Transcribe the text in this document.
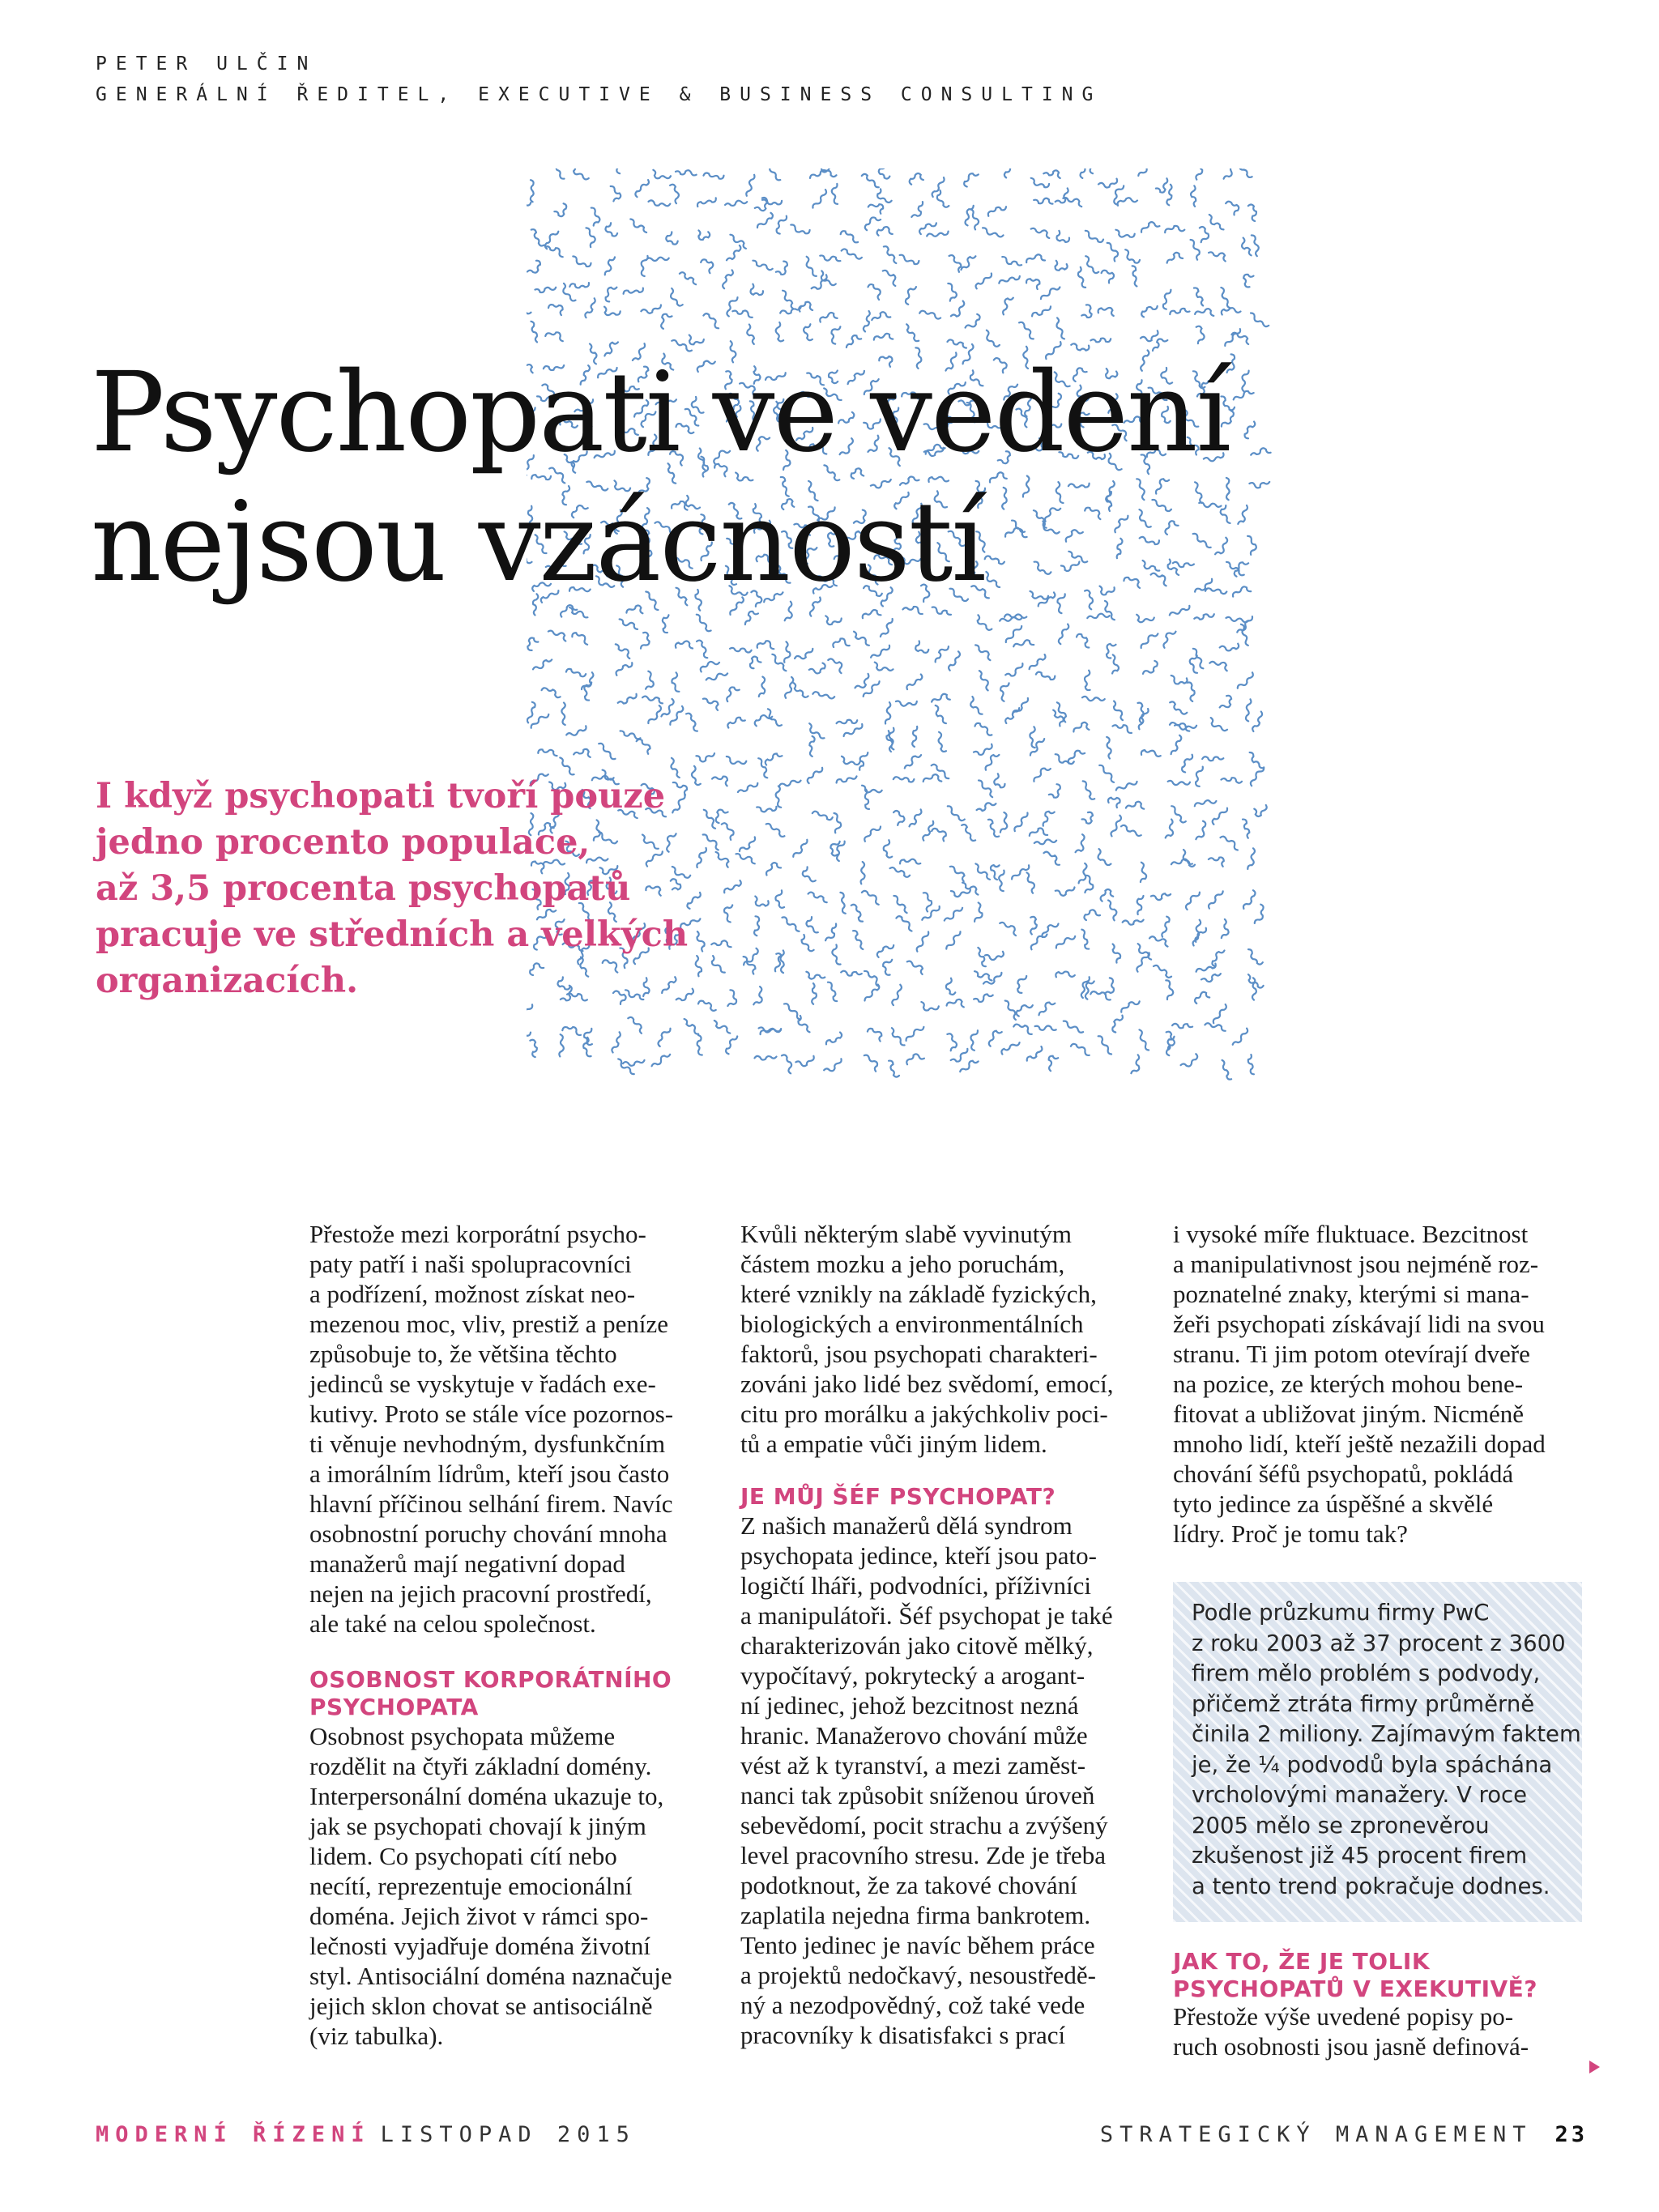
PETER ULČIN
GENERÁLNÍ ŘEDITEL, EXECUTIVE & BUSINESS CONSULTING
Psychopati ve vedení
nejsou vzácností

I když psychopati tvoří pouze
jedno procento populace,
až 3,5 procenta psychopatů
pracuje ve středních a velkých
organizacích.

Přestože mezi korporátní psycho-
paty patří i naši spolupracovníci
a podřízení, možnost získat neo-
mezenou moc, vliv, prestiž a peníze
způsobuje to, že většina těchto
jedinců se vyskytuje v řadách exe-
kutivy. Proto se stále více pozornos-
ti věnuje nevhodným, dysfunkčním
a imorálním lídrům, kteří jsou často
hlavní příčinou selhání firem. Navíc
osobnostní poruchy chování mnoha
manažerů mají negativní dopad
nejen na jejich pracovní prostředí,
ale také na celou společnost.
OSOBNOST KORPORÁTNÍHO
PSYCHOPATA
Osobnost psychopata můžeme
rozdělit na čtyři základní domény.
Interpersonální doména ukazuje to,
jak se psychopati chovají k jiným
lidem. Co psychopati cítí nebo
necítí, reprezentuje emocionální
doména. Jejich život v rámci spo-
lečnosti vyjadřuje doména životní
styl. Antisociální doména naznačuje
jejich sklon chovat se antisociálně
(viz tabulka).
Kvůli některým slabě vyvinutým
částem mozku a jeho poruchám,
které vznikly na základě fyzických,
biologických a environmentálních
faktorů, jsou psychopati charakteri-
zováni jako lidé bez svědomí, emocí,
citu pro morálku a jakýchkoliv poci-
tů a empatie vůči jiným lidem.
JE MŮJ ŠÉF PSYCHOPAT?
Z našich manažerů dělá syndrom
psychopata jedince, kteří jsou pato-
logičtí lháři, podvodníci, příživníci
a manipulátoři. Šéf psychopat je také
charakterizován jako citově mělký,
vypočítavý, pokrytecký a arogant-
ní jedinec, jehož bezcitnost nezná
hranic. Manažerovo chování může
vést až k tyranství, a mezi zaměst-
nanci tak způsobit sníženou úroveň
sebevědomí, pocit strachu a zvýšený
level pracovního stresu. Zde je třeba
podotknout, že za takové chování
zaplatila nejedna firma bankrotem.
Tento jedinec je navíc během práce
a projektů nedočkavý, nesoustředě-
ný a nezodpovědný, což také vede
pracovníky k disatisfakci s prací
i vysoké míře fluktuace. Bezcitnost
a manipulativnost jsou nejméně roz-
poznatelné znaky, kterými si mana-
žeři psychopati získávají lidi na svou
stranu. Ti jim potom otevírají dveře
na pozice, ze kterých mohou bene-
fitovat a ubližovat jiným. Nicméně
mnoho lidí, kteří ještě nezažili dopad
chování šéfů psychopatů, pokládá
tyto jedince za úspěšné a skvělé
lídry. Proč je tomu tak?
Podle průzkumu firmy PwC
z roku 2003 až 37 procent z 3600
firem mělo problém s podvody,
přičemž ztráta firmy průměrně
činila 2 miliony. Zajímavým faktem
je, že ¼ podvodů byla spáchána
vrcholovými manažery. V roce
2005 mělo se zpronevěrou
zkušenost již 45 procent firem
a tento trend pokračuje dodnes.
JAK TO, ŽE JE TOLIK
PSYCHOPATŮ V EXEKUTIVĚ?
Přestože výše uvedené popisy po-
ruch osobnosti jsou jasně definová-
MODERNÍ ŘÍZENÍ LISTOPAD 2015	STRATEGICKÝ MANAGEMENT 23
